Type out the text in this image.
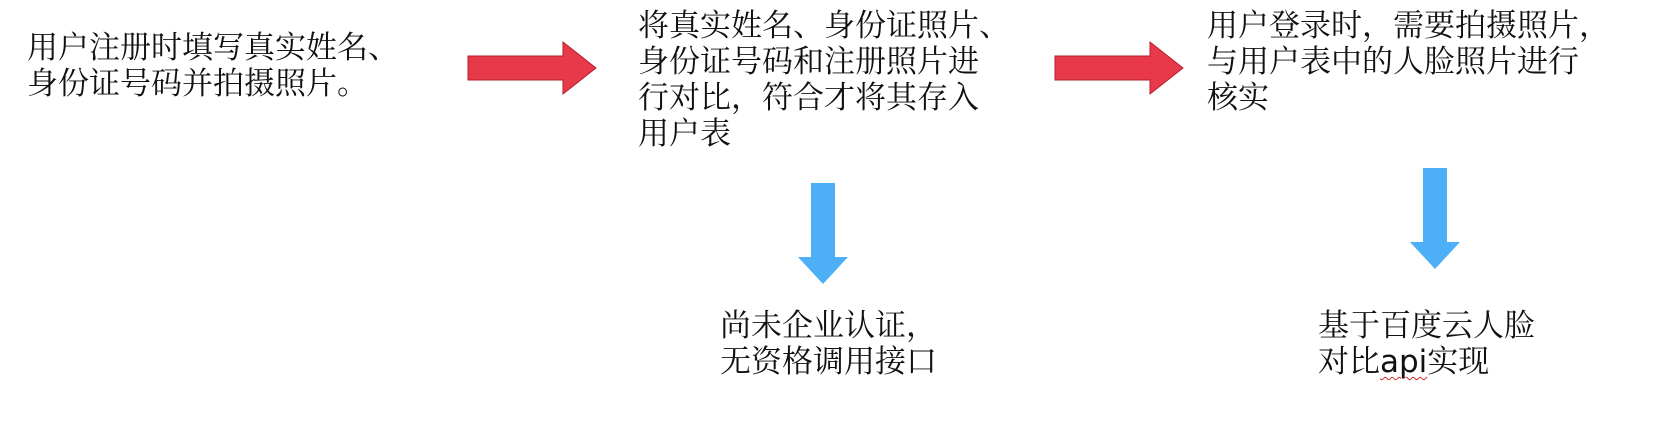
用户注册时填写真实姓名、
身份证号码并拍摄照片。
将真实姓名、身份证照片、
身份证号码和注册照片进
行对比，符合才将其存入
用户表
用户登录时，需要拍摄照片，
与用户表中的人脸照片进行
核实
尚未企业认证，
无资格调用接口
基于百度云人脸
对比api实现
